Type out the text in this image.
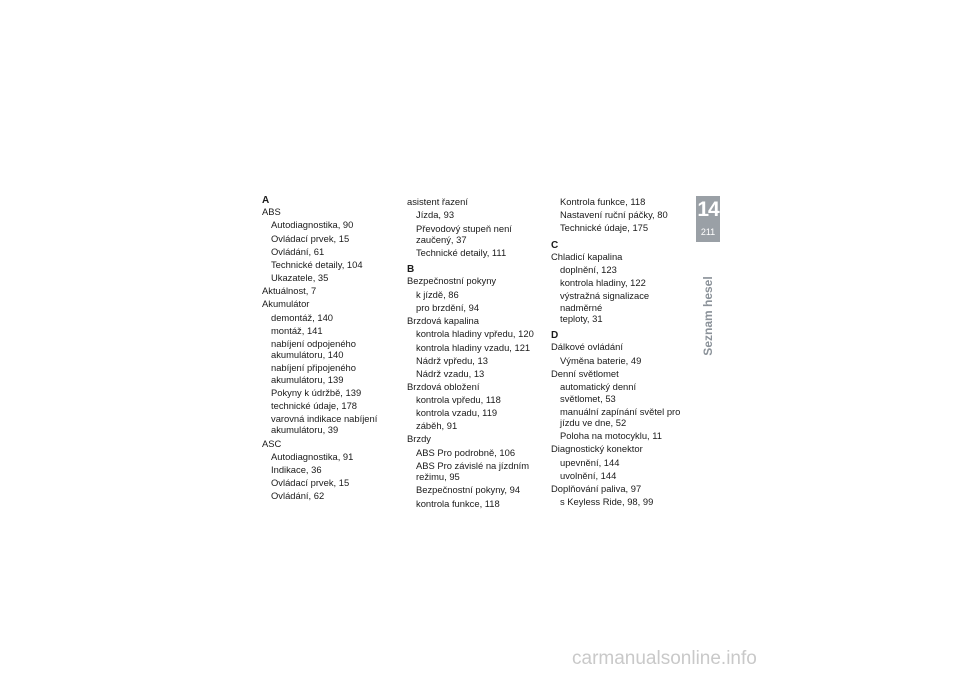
A
ABS
Autodiagnostika, 90
Ovládací prvek, 15
Ovládání, 61
Technické detaily, 104
Ukazatele, 35
Aktuálnost, 7
Akumulátor
demontáž, 140
montáž, 141
nabíjení odpojeného
akumulátoru, 140
nabíjení připojeného
akumulátoru, 139
Pokyny k údržbě, 139
technické údaje, 178
varovná indikace nabíjení
akumulátoru, 39
ASC
Autodiagnostika, 91
Indikace, 36
Ovládací prvek, 15
Ovládání, 62
asistent řazení
Jízda, 93
Převodový stupeň není
zaučený, 37
Technické detaily, 111
B
Bezpečnostní pokyny
k jízdě, 86
pro brzdění, 94
Brzdová kapalina
kontrola hladiny vpředu, 120
kontrola hladiny vzadu, 121
Nádrž vpředu, 13
Nádrž vzadu, 13
Brzdová obložení
kontrola vpředu, 118
kontrola vzadu, 119
záběh, 91
Brzdy
ABS Pro podrobně, 106
ABS Pro závislé na jízdním
režimu, 95
Bezpečnostní pokyny, 94
kontrola funkce, 118
Kontrola funkce, 118
Nastavení ruční páčky, 80
Technické údaje, 175
C
Chladicí kapalina
doplnění, 123
kontrola hladiny, 122
výstražná signalizace nadměrné
teploty, 31
D
Dálkové ovládání
Výměna baterie, 49
Denní světlomet
automatický denní
světlomet, 53
manuální zapínání světel pro
jízdu ve dne, 52
Poloha na motocyklu, 11
Diagnostický konektor
upevnění, 144
uvolnění, 144
Doplňování paliva, 97
s Keyless Ride, 98, 99
14
211
Seznam hesel
carmanualsonline.info
